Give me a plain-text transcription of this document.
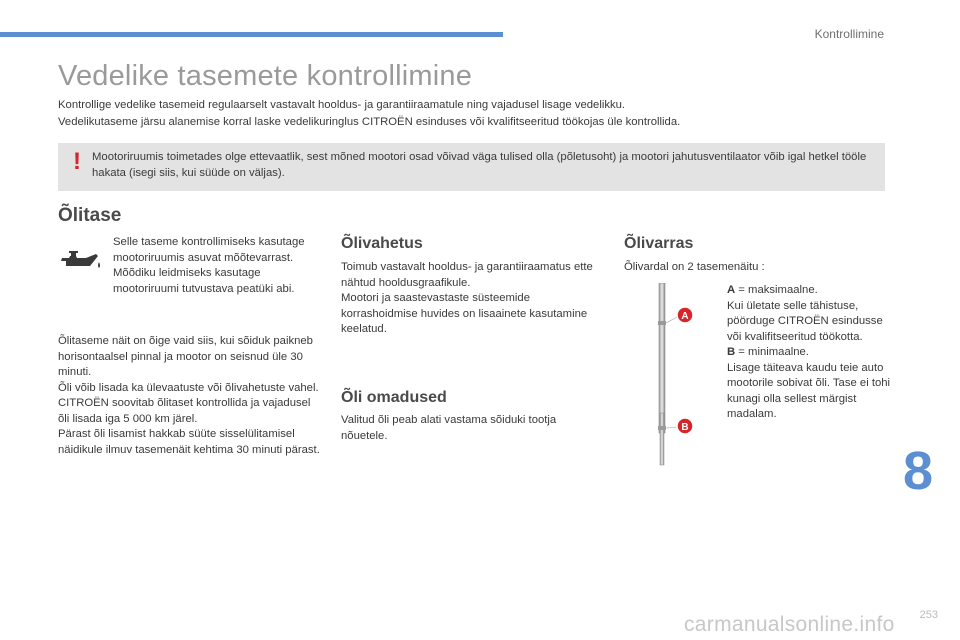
Kontrollimine
Vedelike tasemete kontrollimine

Kontrollige vedelike tasemeid regulaarselt vastavalt hooldus- ja garantiiraamatule ning vajadusel lisage vedelikku.

Vedelikutaseme järsu alanemise korral laske vedelikuringlus CITROËN esinduses või kvalifitseeritud töökojas üle kontrollida.

! Mootoriruumis toimetades olge ettevaatlik, sest mõned mootori osad võivad väga tulised olla (põletusoht) ja mootori jahutusventilaator võib igal hetkel tööle hakata (isegi siis, kui süüde on väljas).
Õlitase
Selle taseme kontrollimiseks kasutage mootoriruumis asuvat mõõtevarrast. Mõõdiku leidmiseks kasutage mootoriruumi tutvustava peatüki abi.

Õlitaseme näit on õige vaid siis, kui sõiduk paikneb horisontaalsel pinnal ja mootor on seisnud üle 30 minuti.

Õli võib lisada ka ülevaatuste või õlivahetuste vahel. CITROËN soovitab õlitaset kontrollida ja vajadusel õli lisada iga 5 000 km järel.

Pärast õli lisamist hakkab süüte sisselülitamisel näidikule ilmuv tasemenäit kehtima 30 minuti pärast.

Õlivahetus

Toimub vastavalt hooldus- ja garantiiraamatus ette nähtud hooldusgraafikule.

Mootori ja saastevastaste süsteemide korrashoidmise huvides on lisaainete kasutamine keelatud.

Õli omadused
Valitud õli peab alati vastama sõiduki tootja nõuetele.
Õlivarras
Õlivardal on 2 tasemenäitu :
A
B

A = maksimaalne.

Kui ületate selle tähistuse, pöörduge CITROËN esindusse või kvalifitseeritud töökotta.

B = minimaalne.

Lisage täiteava kaudu teie auto mootorile sobivat õli. Tase ei tohi kunagi olla sellest märgist madalam.

8
253
carmanualsonline.info
